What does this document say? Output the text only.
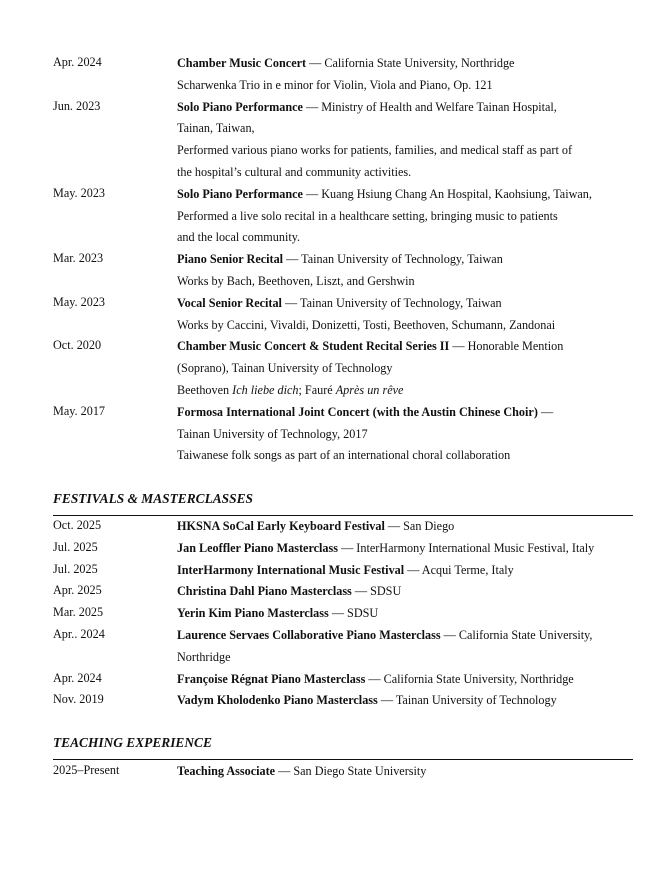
Apr. 2024	Chamber Music Concert — California State University, Northridge
Scharwenka Trio in e minor for Violin, Viola and Piano, Op. 121
Jun. 2023	Solo Piano Performance — Ministry of Health and Welfare Tainan Hospital,
Tainan, Taiwan,
Performed various piano works for patients, families, and medical staff as part of
the hospital’s cultural and community activities.
May. 2023	Solo Piano Performance — Kuang Hsiung Chang An Hospital, Kaohsiung, Taiwan,
Performed a live solo recital in a healthcare setting, bringing music to patients
and the local community.
Mar. 2023	Piano Senior Recital — Tainan University of Technology, Taiwan
Works by Bach, Beethoven, Liszt, and Gershwin
May. 2023	Vocal Senior Recital — Tainan University of Technology, Taiwan
Works by Caccini, Vivaldi, Donizetti, Tosti, Beethoven, Schumann, Zandonai
Oct. 2020	Chamber Music Concert & Student Recital Series II — Honorable Mention
(Soprano), Tainan University of Technology
Beethoven Ich liebe dich; Fauré Après un rêve
May. 2017	Formosa International Joint Concert (with the Austin Chinese Choir) —
Tainan University of Technology, 2017
Taiwanese folk songs as part of an international choral collaboration
FESTIVALS & MASTERCLASSES
Oct. 2025	HKSNA SoCal Early Keyboard Festival — San Diego
Jul. 2025	Jan Leoffler Piano Masterclass — InterHarmony International Music Festival, Italy
Jul. 2025	InterHarmony International Music Festival — Acqui Terme, Italy
Apr. 2025	Christina Dahl Piano Masterclass — SDSU
Mar. 2025	Yerin Kim Piano Masterclass — SDSU
Apr.. 2024	Laurence Servaes Collaborative Piano Masterclass — California State University,
Northridge
Apr. 2024	Françoise Régnat Piano Masterclass — California State University, Northridge
Nov. 2019	Vadym Kholodenko Piano Masterclass — Tainan University of Technology
TEACHING EXPERIENCE
2025–Present	Teaching Associate — San Diego State University
